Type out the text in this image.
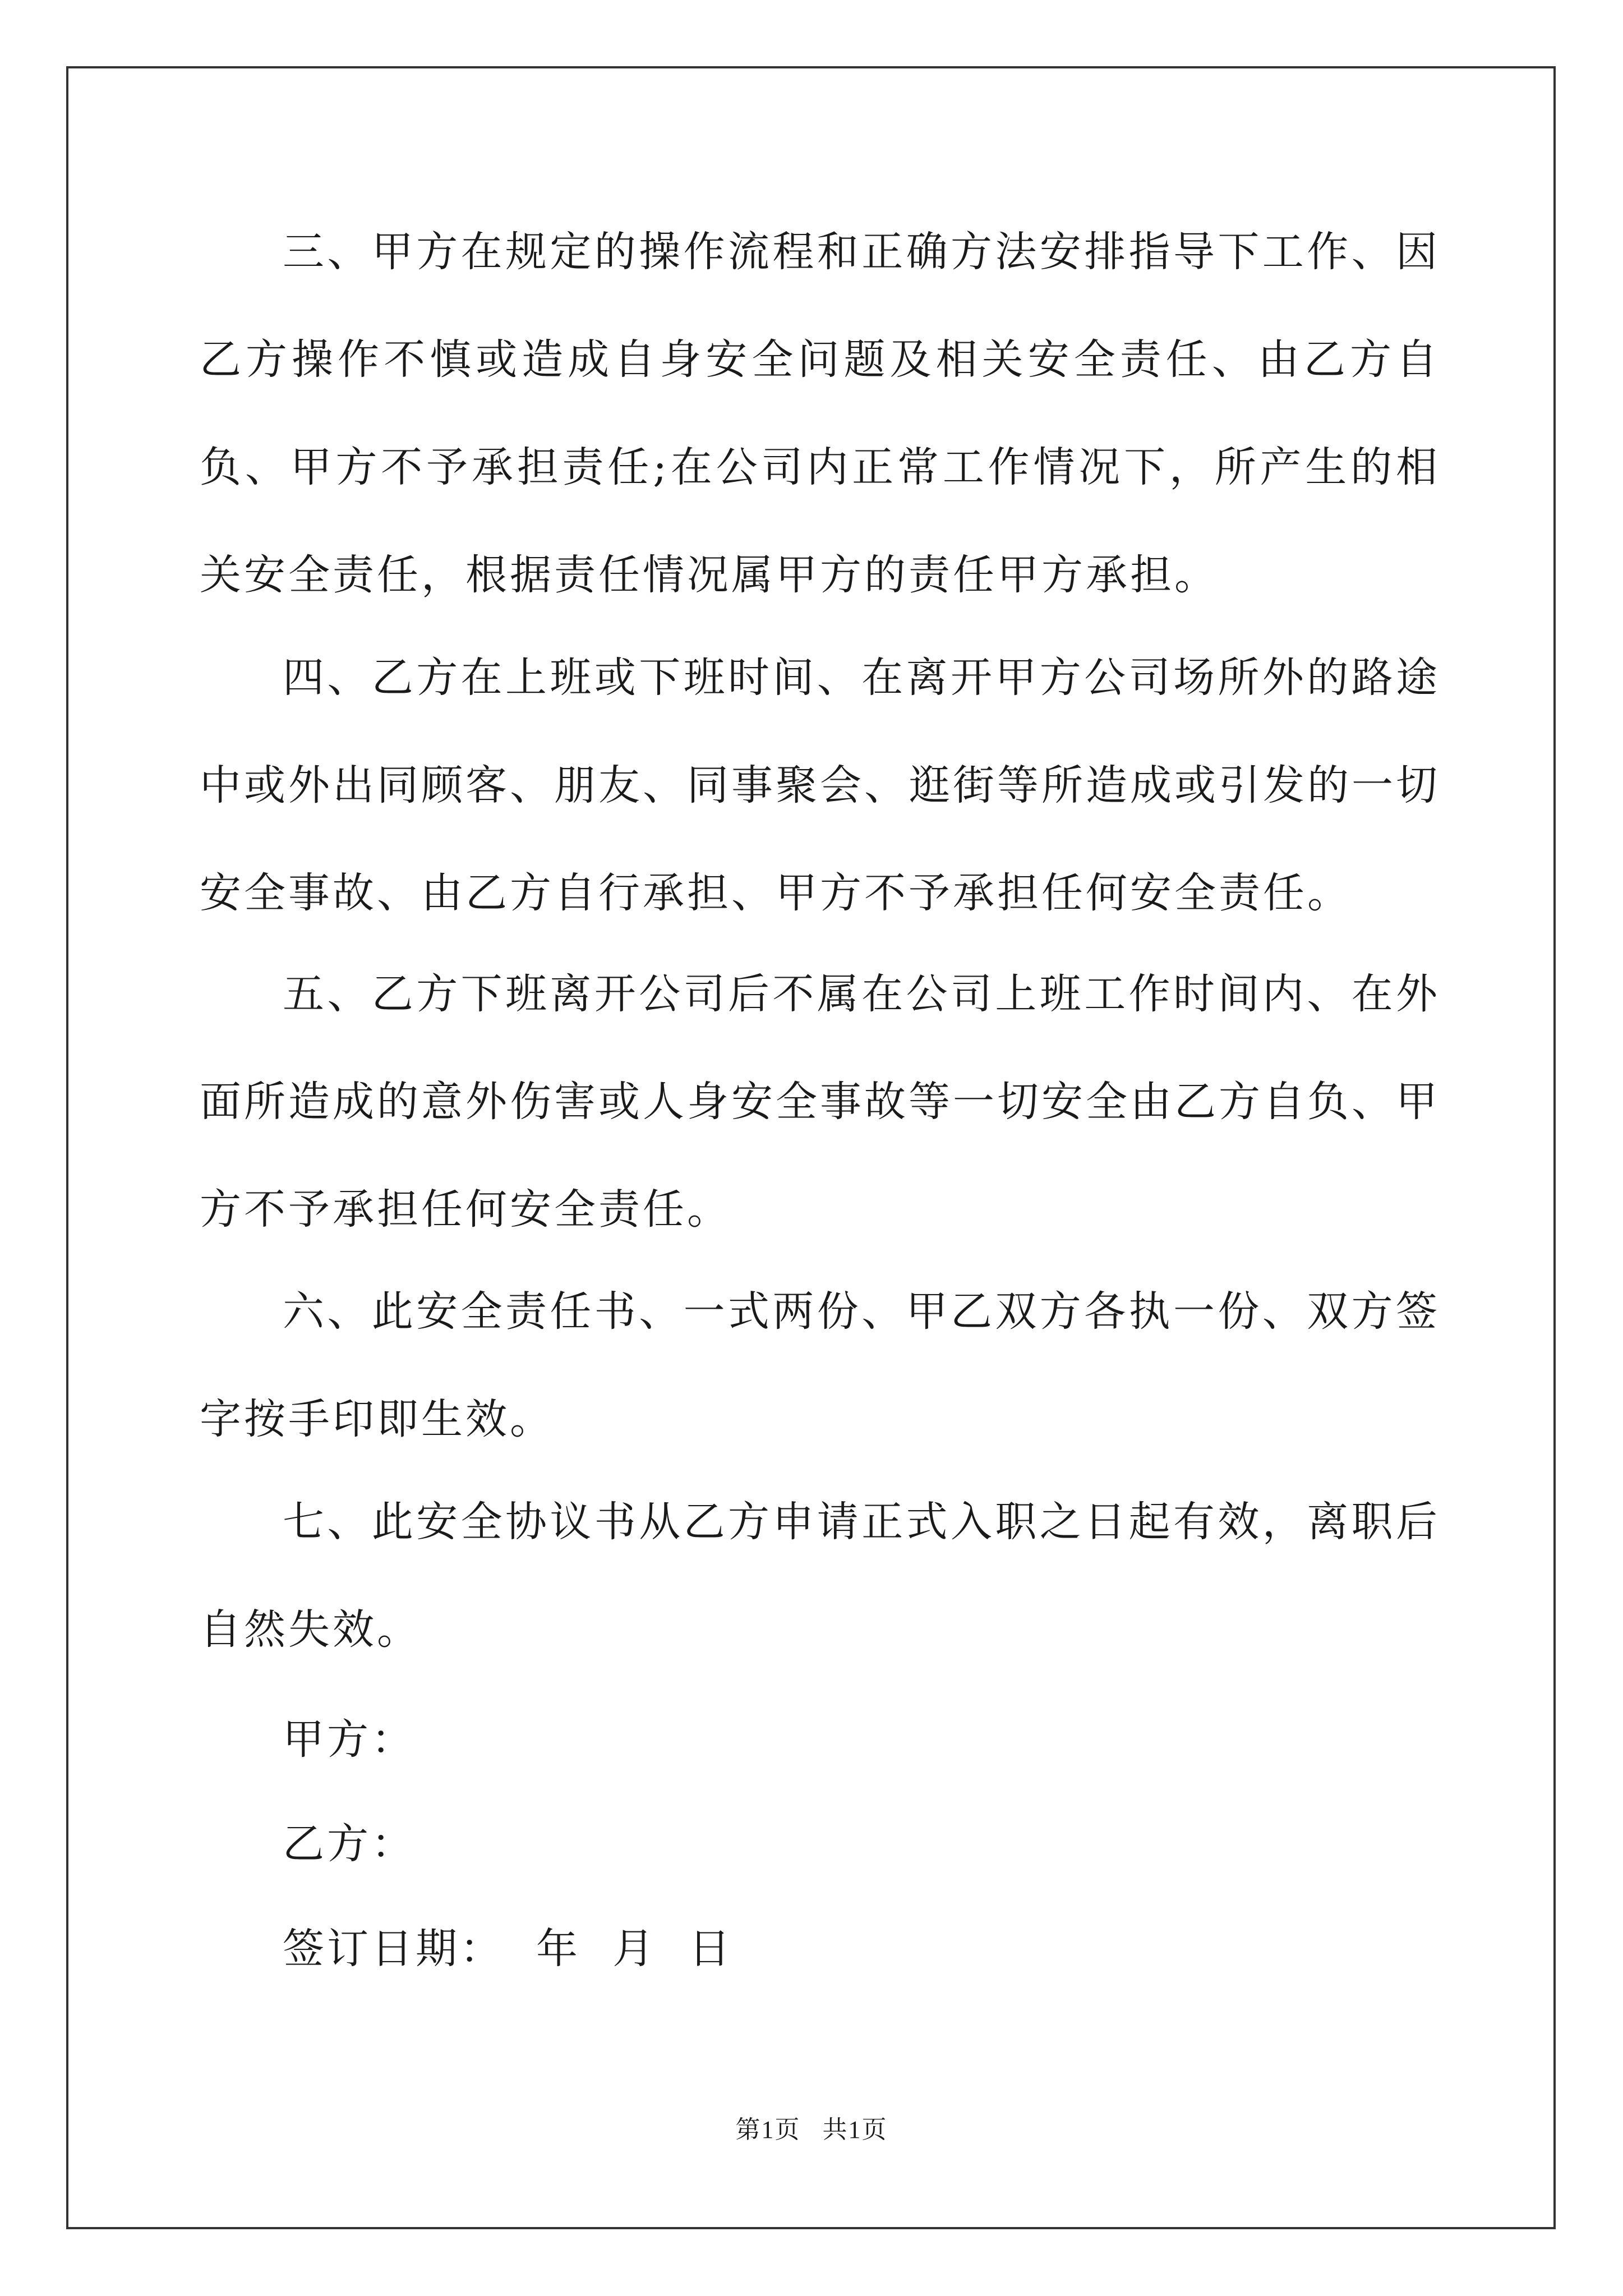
三、甲方在规定的操作流程和正确方法安排指导下工作、因乙方操作不慎或造成自身安全问题及相关安全责任、由乙方自负、甲方不予承担责任;在公司内正常工作情况下，所产生的相关安全责任，根据责任情况属甲方的责任甲方承担。
四、乙方在上班或下班时间、在离开甲方公司场所外的路途中或外出同顾客、朋友、同事聚会、逛街等所造成或引发的一切安全事故、由乙方自行承担、甲方不予承担任何安全责任。
五、乙方下班离开公司后不属在公司上班工作时间内、在外面所造成的意外伤害或人身安全事故等一切安全由乙方自负、甲方不予承担任何安全责任。
六、此安全责任书、一式两份、甲乙双方各执一份、双方签字按手印即生效。
七、此安全协议书从乙方申请正式入职之日起有效，离职后自然失效。
甲方：
乙方：
签订日期：  年  月  日
第1页   共1页
